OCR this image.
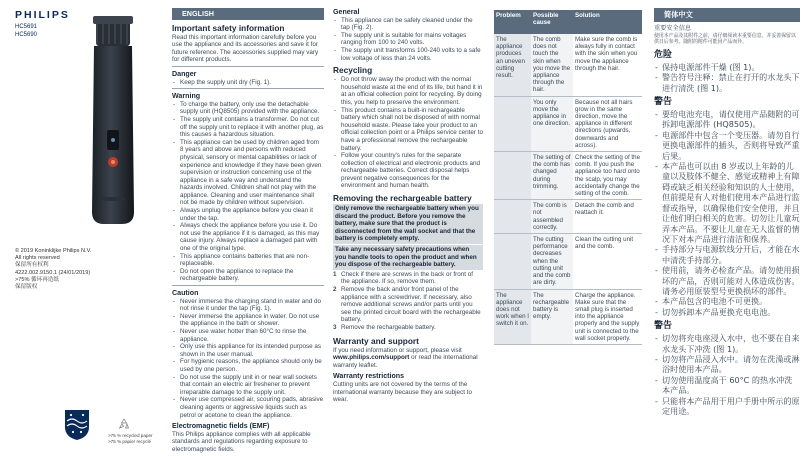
PHILIPS
HC5691
HC5690
© 2019 Koninklijke Philips N.V.
All rights reserved
保留所有权利
4222.002.9150.1 (24/01/2019)
>75% 循环再造纸
保留版权
>75 % recycled paper
>75 % papier recyclé
ENGLISH
Important safety information

Read this important information carefully before you use the appliance and its accessories and save it for future reference. The accessories supplied may vary for different products.

Danger
- Keep the supply unit dry (Fig. 1).
Warning
- To charge the battery, only use the detachable supply unit (HQ8505) provided with the appliance.
- The supply unit contains a transformer. Do not cut off the supply unit to replace it with another plug, as this causes a hazardous situation.
- This appliance can be used by children aged from 8 years and above and persons with reduced physical, sensory or mental capabilities or lack of experience and knowledge if they have been given supervision or instruction concerning use of the appliance in a safe way and understand the hazards involved. Children shall not play with the appliance. Cleaning and user maintenance shall not be made by children without supervision.
- Always unplug the appliance before you clean it under the tap.
- Always check the appliance before you use it. Do not use the appliance if it is damaged, as this may cause injury. Always replace a damaged part with one of the original type.
- This appliance contains batteries that are non-replaceable.
- Do not open the appliance to replace the rechargeable battery.
Caution
- Never immerse the charging stand in water and do not rinse it under the tap (Fig. 1).
- Never immerse the appliance in water. Do not use the appliance in the bath or shower.
- Never use water hotter than 60°C to rinse the appliance.
- Only use this appliance for its intended purpose as shown in the user manual.
- For hygienic reasons, the appliance should only be used by one person.
- Do not use the supply unit in or near wall sockets that contain an electric air freshener to prevent irreparable damage to the supply unit.
- Never use compressed air, scouring pads, abrasive cleaning agents or aggressive liquids such as petrol or acetone to clean the appliance.
Electromagnetic fields (EMF)

This Philips appliance complies with all applicable standards and regulations regarding exposure to electromagnetic fields.

General
- This appliance can be safely cleaned under the tap (Fig. 2).
- The supply unit is suitable for mains voltages ranging from 100 to 240 volts.
- The supply unit transforms 100-240 volts to a safe low voltage of less than 24 volts.
Recycling
- Do not throw away the product with the normal household waste at the end of its life, but hand it in at an official collection point for recycling. By doing this, you help to preserve the environment.
- This product contains a built-in rechargeable battery which shall not be disposed of with normal household waste. Please take your product to an official collection point or a Philips service center to have a professional remove the rechargeable battery.
- Follow your country's rules for the separate collection of electrical and electronic products and rechargeable batteries. Correct disposal helps prevent negative consequences for the environment and human health.
Removing the rechargeable battery
Only remove the rechargeable battery when you discard the product. Before you remove the battery, make sure that the product is disconnected from the wall socket and that the battery is completely empty.
Take any necessary safety precautions when you handle tools to open the product and when you dispose of the rechargeable battery.
1 Check if there are screws in the back or front of the appliance. If so, remove them.
2 Remove the back and/or front panel of the appliance with a screwdriver. If necessary, also remove additional screws and/or parts until you see the printed circuit board with the rechargeable battery.
3 Remove the rechargeable battery.
Warranty and support

If you need information or support, please visit www.philips.com/support or read the international warranty leaflet.

Warranty restrictions

Cutting units are not covered by the terms of the international warranty because they are subject to wear.

Problem	Possible cause
Solution
The appliance produces an uneven cutting result.
The comb does not touch the skin when you move the appliance through the hair.
Make sure the comb is always fully in contact with the skin when you move the appliance through the hair.
You only move the appliance in one direction.
Because not all hairs grow in the same direction, move the appliance in different directions (upwards, downwards and across).
The setting of the comb has changed during trimming.
Check the setting of the comb. If you push the appliance too hard onto the scalp, you may accidentally change the setting of the comb.
The comb is not assembled correctly.
Detach the comb and reattach it.
The cutting performance decreases when the cutting unit and the comb are dirty.
Clean the cutting unit and the comb.
The appliance does not work when I switch it on.
The rechargeable battery is empty.
Charge the appliance. Make sure that the small plug is inserted into the appliance properly and the supply unit is connected to the wall socket properly.
简体中文
重要安全信息
使用本产品及其附件之前，请仔细阅读本重要信息，并妥善保留以供日后参考。随附的附件可能因产品而异。
危险
- 保持电源部件干燥 (图 1)。
- 警告符号注释：禁止在打开的水龙头下进行清洗 (图 1)。
警告
- 要给电池充电，请仅使用产品随附的可拆卸电源部件 (HQ8505)。
- 电源部件中包含一个变压器。请勿自行更换电源部件的插头，否则将导致严重后果。
- 本产品也可以由 8 岁或以上年龄的儿童以及肢体不健全、感觉或精神上有障碍或缺乏相关经验和知识的人士使用，但前提是有人对他们使用本产品进行监督或指导，以确保他们安全使用，并且让他们明白相关的危害。切勿让儿童玩弄本产品。不要让儿童在无人监督的情况下对本产品进行清洁和保养。
- 手持部分与电源软线分开后，才能在水中清洗手持部分。
- 使用前，请务必检查产品。请勿使用损坏的产品，否则可能对人体造成伤害。请务必用原装型号更换损坏的部件。
- 本产品包含的电池不可更换。
- 切勿拆卸本产品更换充电电池。
警告
- 切勿将充电座浸入水中，也不要在自来水龙头下冲洗 (图 1)。
- 切勿将产品浸入水中。请勿在洗澡或淋浴时使用本产品。
- 切勿使用温度高于 60°C 的热水冲洗本产品。
- 只能将本产品用于用户手册中所示的原定用途。
